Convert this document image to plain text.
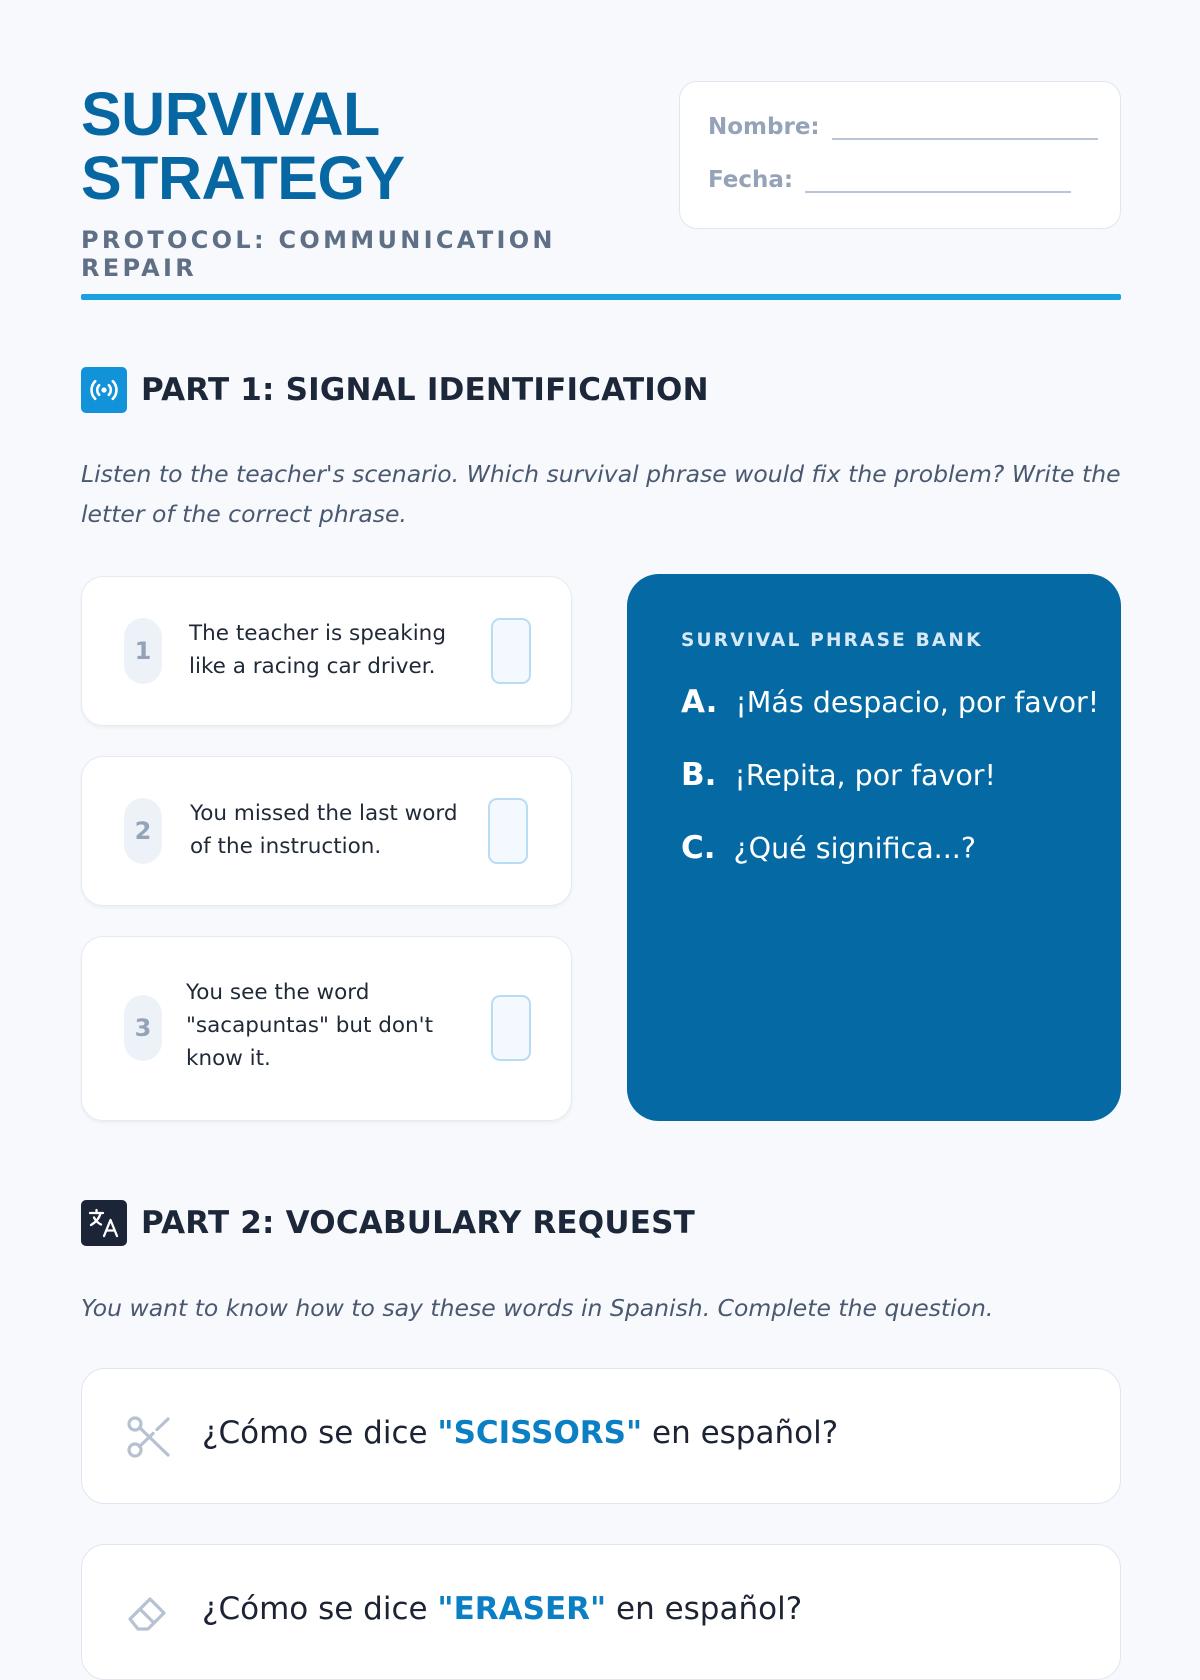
SURVIVAL
STRATEGY
PROTOCOL: COMMUNICATION REPAIR
Nombre:
Fecha:
PART 1: SIGNAL IDENTIFICATION

Listen to the teacher's scenario. Which survival phrase would fix the problem? Write the letter of the correct phrase.

1
The teacher is speaking like a racing car driver.
2
You missed the last word of the instruction.
3
You see the word "sacapuntas" but don't know it.
SURVIVAL PHRASE BANK
A. ¡Más despacio, por favor!
B. ¡Repita, por favor!
C. ¿Qué significa...?
PART 2: VOCABULARY REQUEST

You want to know how to say these words in Spanish. Complete the question.

¿Cómo se dice "SCISSORS" en español?
¿Cómo se dice "ERASER" en español?
